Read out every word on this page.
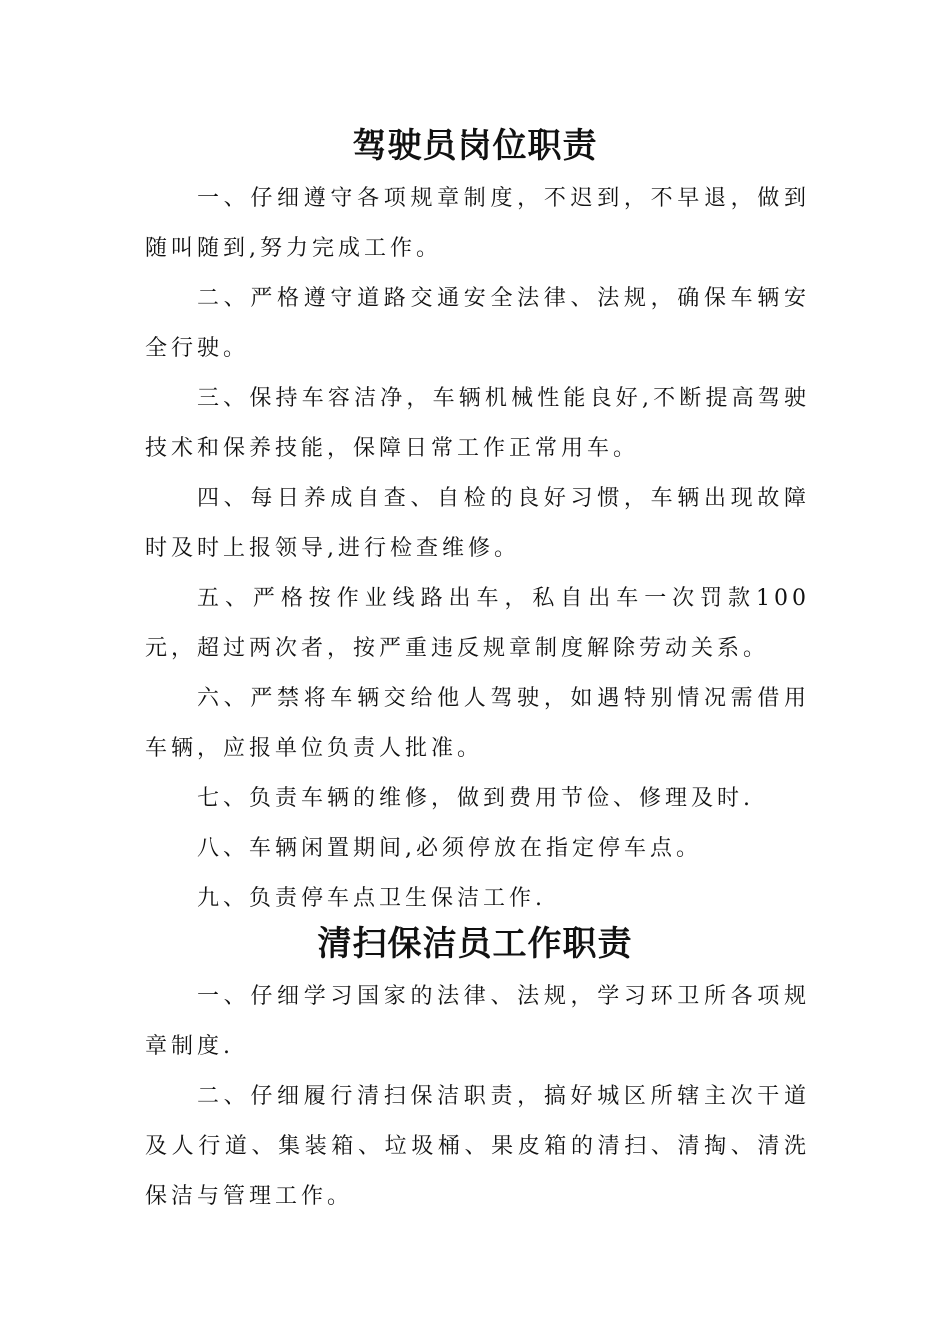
驾驶员岗位职责

一、仔细遵守各项规章制度，不迟到，不早退，做到随叫随到,努力完成工作。

二、严格遵守道路交通安全法律、法规，确保车辆安全行驶。

三、保持车容洁净，车辆机械性能良好,不断提高驾驶技术和保养技能，保障日常工作正常用车。

四、每日养成自查、自检的良好习惯，车辆出现故障时及时上报领导,进行检查维修。

五、严格按作业线路出车，私自出车一次罚款100元，超过两次者，按严重违反规章制度解除劳动关系。

六、严禁将车辆交给他人驾驶，如遇特别情况需借用车辆，应报单位负责人批准。

七、负责车辆的维修，做到费用节俭、修理及时.

八、车辆闲置期间,必须停放在指定停车点。

九、负责停车点卫生保洁工作.

清扫保洁员工作职责

一、仔细学习国家的法律、法规，学习环卫所各项规章制度.

二、仔细履行清扫保洁职责，搞好城区所辖主次干道及人行道、集装箱、垃圾桶、果皮箱的清扫、清掏、清洗保洁与管理工作。
